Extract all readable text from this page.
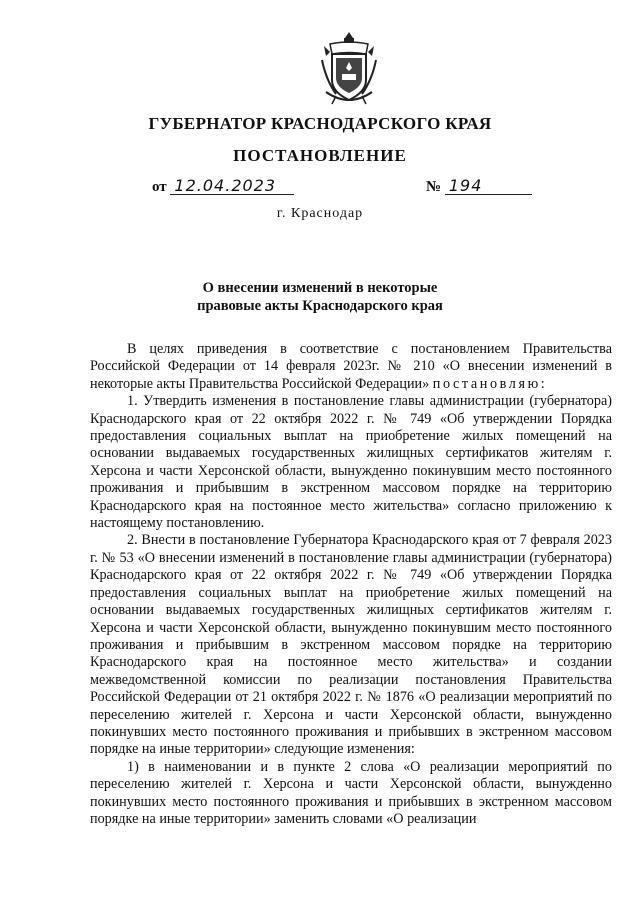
ГУБЕРНАТОР КРАСНОДАРСКОГО КРАЯ
ПОСТАНОВЛЕНИЕ
от 12.04.2023	№ 194
г. Краснодар
О внесении изменений в некоторые
правовые акты Краснодарского края

В целях приведения в соответствие с постановлением Правительства Российской Федерации от 14 февраля 2023г. № 210 «О внесении изменений в некоторые акты Правительства Российской Федерации» постановляю:

1. Утвердить изменения в постановление главы администрации (губернатора) Краснодарского края от 22 октября 2022 г. № 749 «Об утверждении Порядка предоставления социальных выплат на приобретение жилых помещений на основании выдаваемых государственных жилищных сертификатов жителям г. Херсона и части Херсонской области, вынужденно покинувшим место постоянного проживания и прибывшим в экстренном массовом порядке на территорию Краснодарского края на постоянное место жительства» согласно приложению к настоящему постановлению.

2. Внести в постановление Губернатора Краснодарского края от 7 февраля 2023 г. № 53 «О внесении изменений в постановление главы администрации (губернатора) Краснодарского края от 22 октября 2022 г. № 749 «Об утверждении Порядка предоставления социальных выплат на приобретение жилых помещений на основании выдаваемых государственных жилищных сертификатов жителям г. Херсона и части Херсонской области, вынужденно покинувшим место постоянного проживания и прибывшим в экстренном массовом порядке на территорию Краснодарского края на постоянное место жительства» и создании межведомственной комиссии по реализации постановления Правительства Российской Федерации от 21 октября 2022 г. № 1876 «О реализации мероприятий по переселению жителей г. Херсона и части Херсонской области, вынужденно покинувших место постоянного проживания и прибывших в экстренном массовом порядке на иные территории» следующие изменения:

1) в наименовании и в пункте 2 слова «О реализации мероприятий по переселению жителей г. Херсона и части Херсонской области, вынужденно покинувших место постоянного проживания и прибывших в экстренном массовом порядке на иные территории» заменить словами «О реализации
